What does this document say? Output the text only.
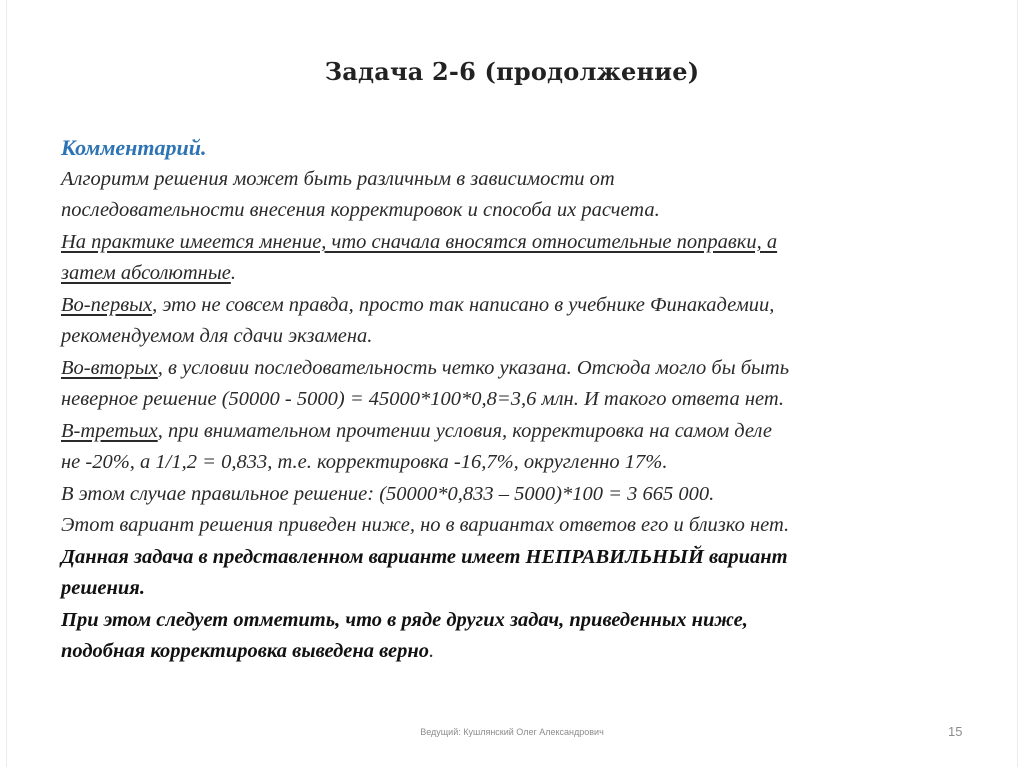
Задача 2-6 (продолжение)
Комментарий.
Алгоритм решения может быть различным в зависимости от
последовательности внесения корректировок и способа их расчета.
На практике имеется мнение, что сначала вносятся относительные поправки, а
затем абсолютные.
Во-первых, это не совсем правда, просто так написано в учебнике Финакадемии,
рекомендуемом для сдачи экзамена.
Во-вторых, в условии последовательность четко указана. Отсюда могло бы быть
неверное решение (50000 - 5000) = 45000*100*0,8=3,6 млн. И такого ответа нет.
В-третьих, при внимательном прочтении условия, корректировка на самом деле
не -20%, а 1/1,2 = 0,833, т.е. корректировка -16,7%, округленно 17%.
В этом случае правильное решение: (50000*0,833 – 5000)*100 = 3 665 000.
Этот вариант решения приведен ниже, но в вариантах ответов его и близко нет.
Данная задача в представленном варианте имеет НЕПРАВИЛЬНЫЙ вариант
решения.
При этом следует отметить, что в ряде других задач, приведенных ниже,
подобная корректировка выведена верно.
Ведущий: Кушлянский Олег Александрович	15
